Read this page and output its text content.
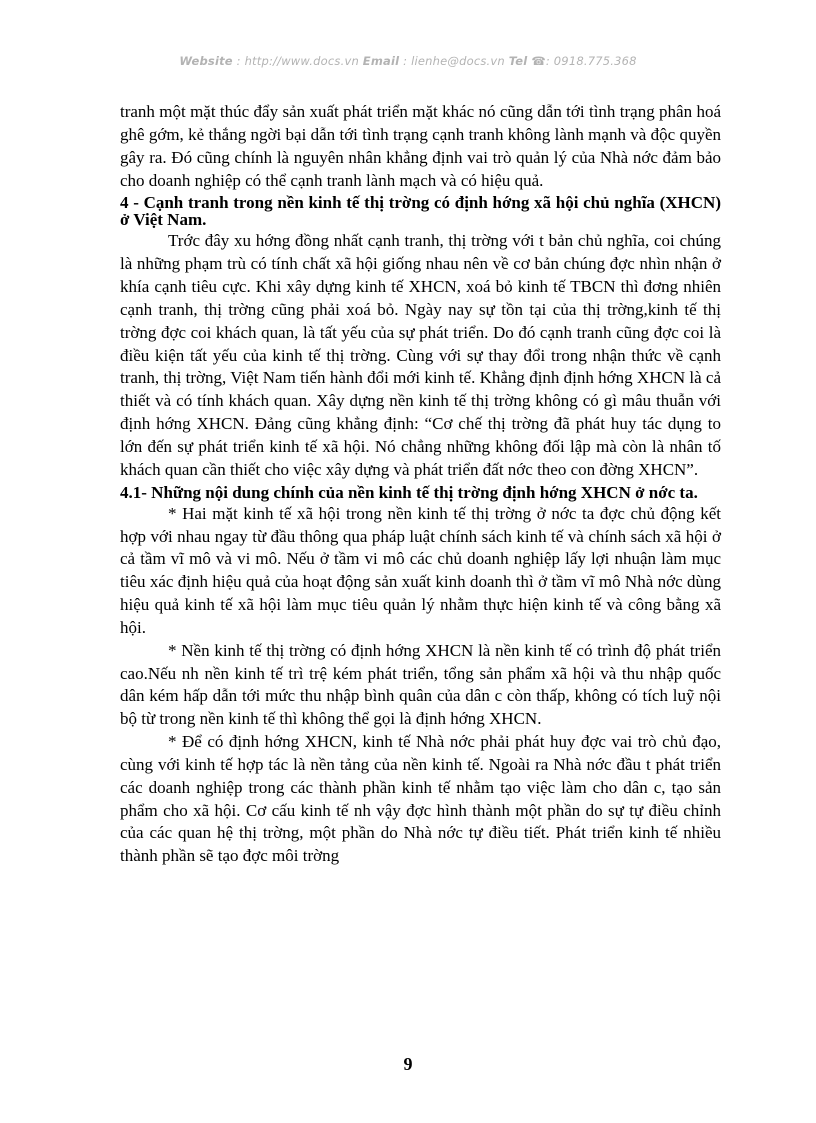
Website : http://www.docs.vn Email : lienhe@docs.vn Tel ☎: 0918.775.368

tranh một mặt thúc đẩy sản xuất phát triển mặt khác nó cũng dẫn tới tình trạng phân hoá ghê gớm, kẻ thắng ngời bại dẫn tới tình trạng cạnh tranh không lành mạnh và độc quyền gây ra. Đó cũng chính là nguyên nhân khẳng định vai trò quản lý của Nhà nớc đảm bảo cho doanh nghiệp có thể cạnh tranh lành mạch và có hiệu quả.

4 - Cạnh tranh trong nền kinh tế thị trờng có định hớng xã hội chủ nghĩa (XHCN) ở Việt Nam.

Trớc đây xu hớng đồng nhất cạnh tranh, thị trờng với t bản chủ nghĩa, coi chúng là những phạm trù có tính chất xã hội giống nhau nên về cơ bản chúng đợc nhìn nhận ở khía cạnh tiêu cực. Khi xây dựng kinh tế XHCN, xoá bỏ kinh tế TBCN thì đơng nhiên cạnh tranh, thị trờng cũng phải xoá bỏ. Ngày nay sự tồn tại của thị trờng,kinh tế thị trờng đợc coi khách quan, là tất yếu của sự phát triển. Do đó cạnh tranh cũng đợc coi là điều kiện tất yếu của kinh tế thị trờng. Cùng với sự thay đổi trong nhận thức về cạnh tranh, thị trờng, Việt Nam tiến hành đổi mới kinh tế. Khẳng định định hớng XHCN là cả thiết và có tính khách quan. Xây dựng nền kinh tế thị trờng không có gì mâu thuẫn với định hớng XHCN. Đảng cũng khẳng định: “Cơ chế thị trờng đã phát huy tác dụng to lớn đến sự phát triển kinh tế xã hội. Nó chẳng những không đối lập mà còn là nhân tố khách quan cần thiết cho việc xây dựng và phát triển đất nớc theo con đờng XHCN”.

4.1- Những nội dung chính của nền kinh tế thị trờng định hớng XHCN ở nớc ta.

* Hai mặt kinh tế xã hội trong nền kinh tế thị trờng ở nớc ta đợc chủ động kết hợp với nhau ngay từ đầu thông qua pháp luật chính sách kinh tế và chính sách xã hội ở cả tầm vĩ mô và vi mô. Nếu ở tầm vi mô các chủ doanh nghiệp lấy lợi nhuận làm mục tiêu xác định hiệu quả của hoạt động sản xuất kinh doanh thì ở tầm vĩ mô Nhà nớc dùng hiệu quả kinh tế xã hội làm mục tiêu quản lý nhằm thực hiện kinh tế và công bằng xã hội.

* Nền kinh tế thị trờng có định hớng XHCN là nền kinh tế có trình độ phát triển cao.Nếu nh nền kinh tế trì trệ kém phát triển, tổng sản phẩm xã hội và thu nhập quốc dân kém hấp dẫn tới mức thu nhập bình quân của dân c còn thấp, không có tích luỹ nội bộ từ trong nền kinh tế thì không thể gọi là định hớng XHCN.

* Để có định hớng XHCN, kinh tế Nhà nớc phải phát huy đợc vai trò chủ đạo, cùng với kinh tế hợp tác là nền tảng của nền kinh tế. Ngoài ra Nhà nớc đầu t phát triển các doanh nghiệp trong các thành phần kinh tế nhằm tạo việc làm cho dân c, tạo sản phẩm cho xã hội. Cơ cấu kinh tế nh vậy đợc hình thành một phần do sự tự điều chỉnh của các quan hệ thị trờng, một phần do Nhà nớc tự điều tiết. Phát triển kinh tế nhiều thành phần sẽ tạo đợc môi trờng

9
